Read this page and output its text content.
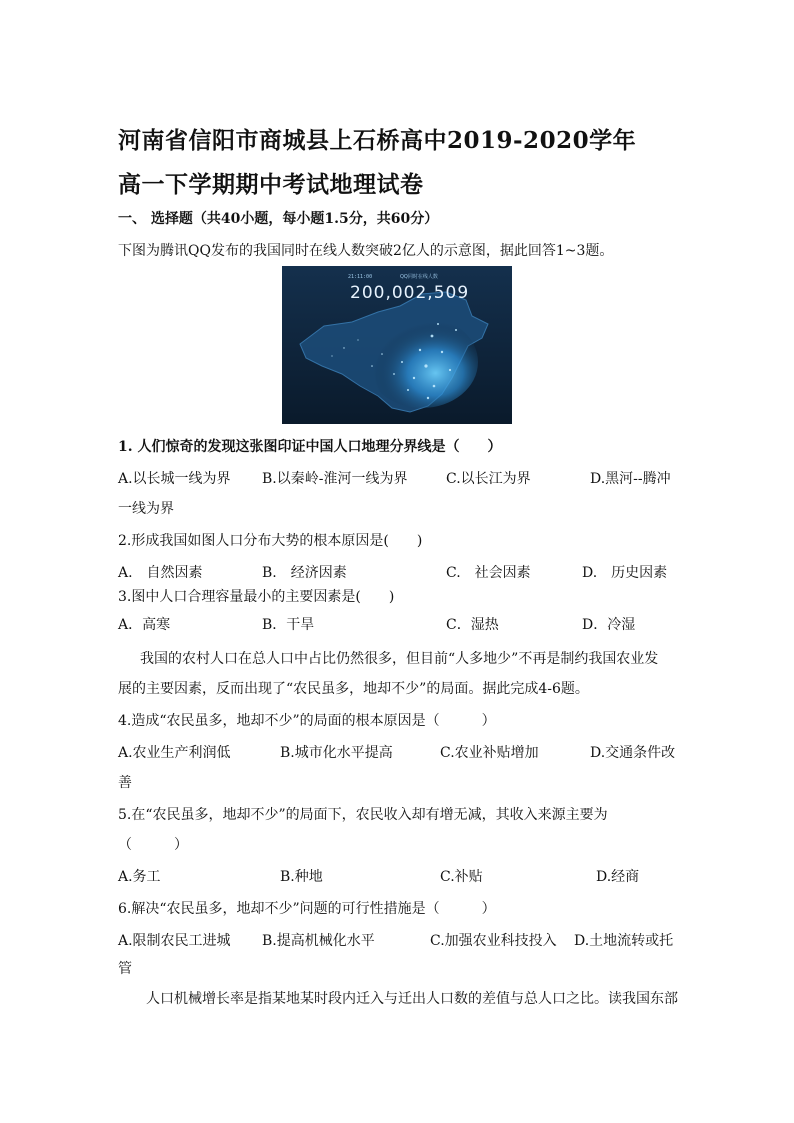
河南省信阳市商城县上石桥高中2019-2020学年
高一下学期期中考试地理试卷
一、 选择题（共40小题，每小题1.5分，共60分）
下图为腾讯QQ发布的我国同时在线人数突破2亿人的示意图，据此回答1~3题。
21:11:00	QQ同时在线人数
200,002,509
1. 人们惊奇的发现这张图印证中国人口地理分界线是（　　）
A.以长城一线为界 B.以秦岭-淮河一线为界	C.以长江为界	D.黑河--腾冲
一线为界
2.形成我国如图人口分布大势的根本原因是(　　)
A.　自然因素	B.　经济因素	C.　社会因素	D.　历史因素
3.图中人口合理容量最小的主要因素是(　　)
A．高寒	B．干旱	C．湿热	D．冷湿
我国的农村人口在总人口中占比仍然很多，但目前“人多地少”不再是制约我国农业发
展的主要因素，反而出现了“农民虽多，地却不少”的局面。据此完成4-6题。
4.造成“农民虽多，地却不少”的局面的根本原因是（　　　）
A.农业生产利润低	B.城市化水平提高	C.农业补贴增加	D.交通条件改
善
5.在“农民虽多，地却不少”的局面下，农民收入却有增无减，其收入来源主要为
（　　　）
A.务工	B.种地	C.补贴	D.经商
6.解决“农民虽多，地却不少”问题的可行性措施是（　　　）
A.限制农民工进城 B.提高机械化水平	C.加强农业科技投入 D.土地流转或托
管
人口机械增长率是指某地某时段内迁入与迁出人口数的差值与总人口之比。读我国东部
